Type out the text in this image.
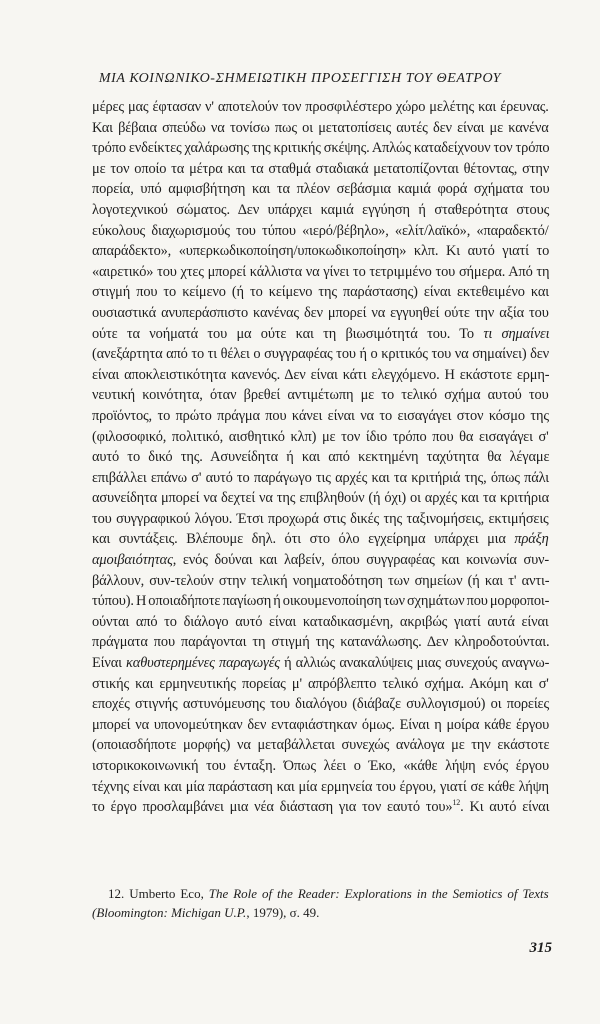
ΜΙΑ ΚΟΙΝΩΝΙΚΟ-ΣΗΜΕΙΩΤΙΚΗ ΠΡΟΣΕΓΓΙΣΗ ΤΟΥ ΘΕΑΤΡΟΥ
μέρες μας έφτασαν ν' αποτελούν τον προσφιλέστερο χώρο μελέτης και έρευνας.
Και βέβαια σπεύδω να τονίσω πως οι μετατοπίσεις αυτές δεν είναι με κανένα
τρόπο ενδείκτες χαλάρωσης της κριτικής σκέψης. Απλώς καταδείχνουν τον τρόπο
με τον οποίο τα μέτρα και τα σταθμά σταδιακά μετατοπίζονται θέτοντας, στην
πορεία, υπό αμφισβήτηση και τα πλέον σεβάσμια καμιά φορά σχήματα του
λογοτεχνικού σώματος. Δεν υπάρχει καμιά εγγύηση ή σταθερότητα στους
εύκολους διαχωρισμούς του τύπου «ιερό/βέβηλο», «ελίτ/λαϊκό», «παραδεκτό/
απαράδεκτο», «υπερκωδικοποίηση/υποκωδικοποίηση» κλπ. Κι αυτό γιατί το
«αιρετικό» του χτες μπορεί κάλλιστα να γίνει το τετριμμένο του σήμερα. Από τη
στιγμή που το κείμενο (ή το κείμενο της παράστασης) είναι εκτεθειμένο και
ουσιαστικά ανυπεράσπιστο κανένας δεν μπορεί να εγγυηθεί ούτε την αξία του
ούτε τα νοήματά του μα ούτε και τη βιωσιμότητά του. Το τι σημαίνει
(ανεξάρτητα από το τι θέλει ο συγγραφέας του ή ο κριτικός του να σημαίνει) δεν
είναι αποκλειστικότητα κανενός. Δεν είναι κάτι ελεγχόμενο. Η εκάστοτε ερμη-
νευτική κοινότητα, όταν βρεθεί αντιμέτωπη με το τελικό σχήμα αυτού του
προϊόντος, το πρώτο πράγμα που κάνει είναι να το εισαγάγει στον κόσμο της
(φιλοσοφικό, πολιτικό, αισθητικό κλπ) με τον ίδιο τρόπο που θα εισαγάγει σ'
αυτό το δικό της. Ασυνείδητα ή και από κεκτημένη ταχύτητα θα λέγαμε
επιβάλλει επάνω σ' αυτό το παράγωγο τις αρχές και τα κριτήριά της, όπως πάλι
ασυνείδητα μπορεί να δεχτεί να της επιβληθούν (ή όχι) οι αρχές και τα κριτήρια
του συγγραφικού λόγου. Έτσι προχωρά στις δικές της ταξινομήσεις, εκτιμήσεις
και συντάξεις. Βλέπουμε δηλ. ότι στο όλο εγχείρημα υπάρχει μια πράξη
αμοιβαιότητας, ενός δούναι και λαβείν, όπου συγγραφέας και κοινωνία συν-
βάλλουν, συν-τελούν στην τελική νοηματοδότηση των σημείων (ή και τ' αντι-
τύπου). Η οποιαδήποτε παγίωση ή οικουμενοποίηση των σχημάτων που μορφοποι-
ούνται από το διάλογο αυτό είναι καταδικασμένη, ακριβώς γιατί αυτά είναι
πράγματα που παράγονται τη στιγμή της κατανάλωσης. Δεν κληροδοτούνται.
Είναι καθυστερημένες παραγωγές ή αλλιώς ανακαλύψεις μιας συνεχούς αναγνω-
στικής και ερμηνευτικής πορείας μ' απρόβλεπτο τελικό σχήμα. Ακόμη και σ'
εποχές στιγνής αστυνόμευσης του διαλόγου (διάβαζε συλλογισμού) οι πορείες
μπορεί να υπονομεύτηκαν δεν ενταφιάστηκαν όμως. Είναι η μοίρα κάθε έργου
(οποιασδήποτε μορφής) να μεταβάλλεται συνεχώς ανάλογα με την εκάστοτε
ιστορικοκοινωνική του ένταξη. Όπως λέει ο Έκο, «κάθε λήψη ενός έργου
τέχνης είναι και μία παράσταση και μία ερμηνεία του έργου, γιατί σε κάθε λήψη
το έργο προσλαμβάνει μια νέα διάσταση για τον εαυτό του»$^{12}$. Κι αυτό είναι
12. Umberto Eco, The Role of the Reader: Explorations in the Semiotics of Texts
(Bloomington: Michigan U.P., 1979), σ. 49.
315
